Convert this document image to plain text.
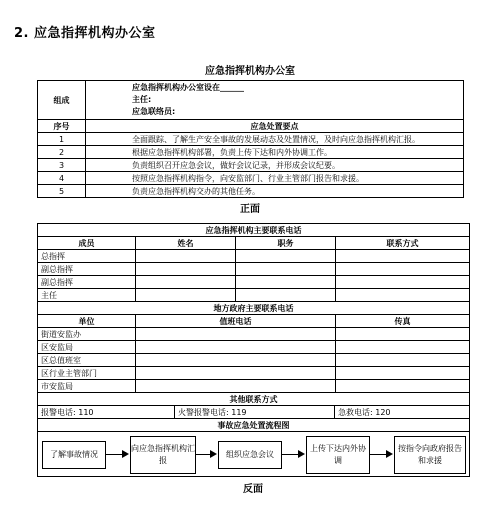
2. 应急指挥机构办公室
应急指挥机构办公室
组成	应急指挥机构办公室设在______
主任:
应急联络员:

序号	应急处置要点
1	全面跟踪、了解生产安全事故的发展动态及处置情况，及时向应急指挥机构汇报。
2	根据应急指挥机构部署，负责上传下达和内外协调工作。
3	负责组织召开应急会议，做好会议记录，并形成会议纪要。
4	按照应急指挥机构指令，向安监部门、行业主管部门报告和求援。
5	负责应急指挥机构交办的其他任务。
正面
应急指挥机构主要联系电话			
成员	姓名	职务	联系方式
总指挥			
副总指挥			
副总指挥			
主任			
地方政府主要联系电话		
单位	值班电话	传真
街道安监办		
区安监局		
区总值班室		
区行业主管部门		
市安监局		
其他联系方式
报警电话: 110	火警报警电话: 119	急救电话: 120
事故应急处置流程图

了解事故情况
向应急指挥机构汇报
组织应急会议
上传下达内外协调
按指令向政府报告和求援
反面
